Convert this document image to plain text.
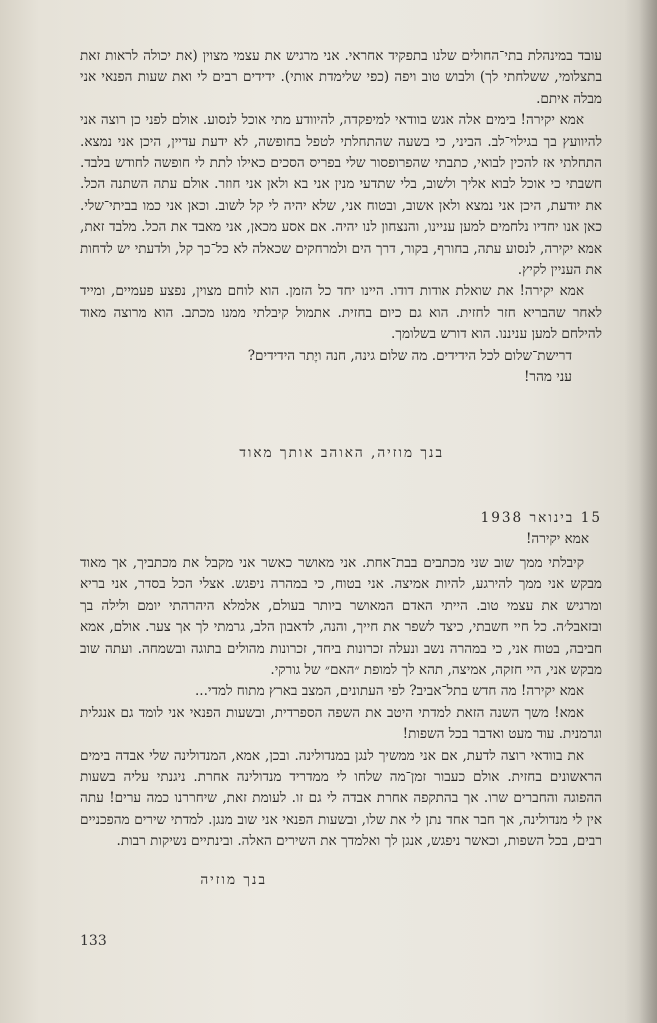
עובד במינהלת בתי־החולים שלנו בתפקיד אחראי. אני מרגיש את עצמי מצוין (את יכולה לראות זאת בתצלומי, ששלחתי לך) ולבוש טוב ויפה (כפי שלימדת אותי). ידידים רבים לי ואת שעות הפנאי אני מבלה איתם.

אמא יקירה! בימים אלה אגש בוודאי למיפקדה, להיוודע מתי אוכל לנסוע. אולם לפני כן רוצה אני להיוועץ בך בגילוי־לב. הביני, כי בשעה שהתחלתי לטפל בחופשה, לא ידעת עדיין, היכן אני נמצא. התחלתי אז להכין לבואי, כתבתי שהפרופסור שלי בפריס הסכים כאילו לתת לי חופשה לחודש בלבד. חשבתי כי אוכל לבוא אליך ולשוב, בלי שתדעי מנין אני בא ולאן אני חוזר. אולם עתה השתנה הכל. את יודעת, היכן אני נמצא ולאן אשוב, ובטוח אני, שלא יהיה לי קל לשוב. וכאן אני כמו בביתי־שלי. כאן אנו יחדיו נלחמים למען עניינו, והנצחון לנו יהיה. אם אסע מכאן, אני מאבד את הכל. מלבד זאת, אמא יקירה, לנסוע עתה, בחורף, בקור, דרך הים ולמרחקים שכאלה לא כל־כך קל, ולדעתי יש לדחות את העניין לקיץ.

אמא יקירה! את שואלת אודות דודו. היינו יחד כל הזמן. הוא לוחם מצוין, נפצע פעמיים, ומייד לאחר שהבריא חזר לחזית. הוא גם כיום בחזית. אתמול קיבלתי ממנו מכתב. הוא מרוצה מאוד להילחם למען עניננו. הוא דורש בשלומך.

דרישת־שלום לכל הידידים. מה שלום גינה, חנה ויֶתר הידידים?

עני מהר!

בנך מוזיה, האוהב אותך מאוד
15 בינואר 1938
אמא יקירה!

קיבלתי ממך שוב שני מכתבים בבת־אחת. אני מאושר כאשר אני מקבל את מכתביך, אך מאוד מבקש אני ממך להירגע, להיות אמיצה. אני בטוח, כי במהרה ניפגש. אצלי הכל בסדר, אני בריא ומרגיש את עצמי טוב. הייתי האדם המאושר ביותר בעולם, אלמלא היהרהתי יומם ולילה בך ובזאבל׳ה. כל חיי חשבתי, כיצד לשפר את חייך, והנה, לדאבון הלב, גרמתי לך אך צער. אולם, אמא חביבה, בטוח אני, כי במהרה נשב ונעלה זכרונות ביחד, זכרונות מהולים בתוגה ובשמחה. ועתה שוב מבקש אני, היי חזקה, אמיצה, תהא לך למופת ״האם״ של גורקי.

אמא יקירה! מה חדש בתל־אביב? לפי העתונים, המצב בארץ מתוח למדי...

אמא! משך השנה הזאת למדתי היטב את השפה הספרדית, ובשעות הפנאי אני לומד גם אנגלית וגרמנית. עוד מעט ואדבר בכל השפות!

את בוודאי רוצה לדעת, אם אני ממשיך לנגן במנדולינה. ובכן, אמא, המנדולינה שלי אבדה בימים הראשונים בחזית. אולם כעבור זמן־מה שלחו לי ממדריד מנדולינה אחרת. ניגנתי עליה בשעות ההפוגה והחברים שרו. אך בהתקפה אחרת אבדה לי גם זו. לעומת זאת, שיחררנו כמה ערים! עתה אין לי מנדולינה, אך חבר אחד נתן לי את שלו, ובשעות הפנאי אני שוב מנגן. למדתי שירים מהפכניים רבים, בכל השפות, וכאשר ניפגש, אנגן לך ואלמדך את השירים האלה. ובינתיים נשיקות רבות.

בנך מוזיה
133
